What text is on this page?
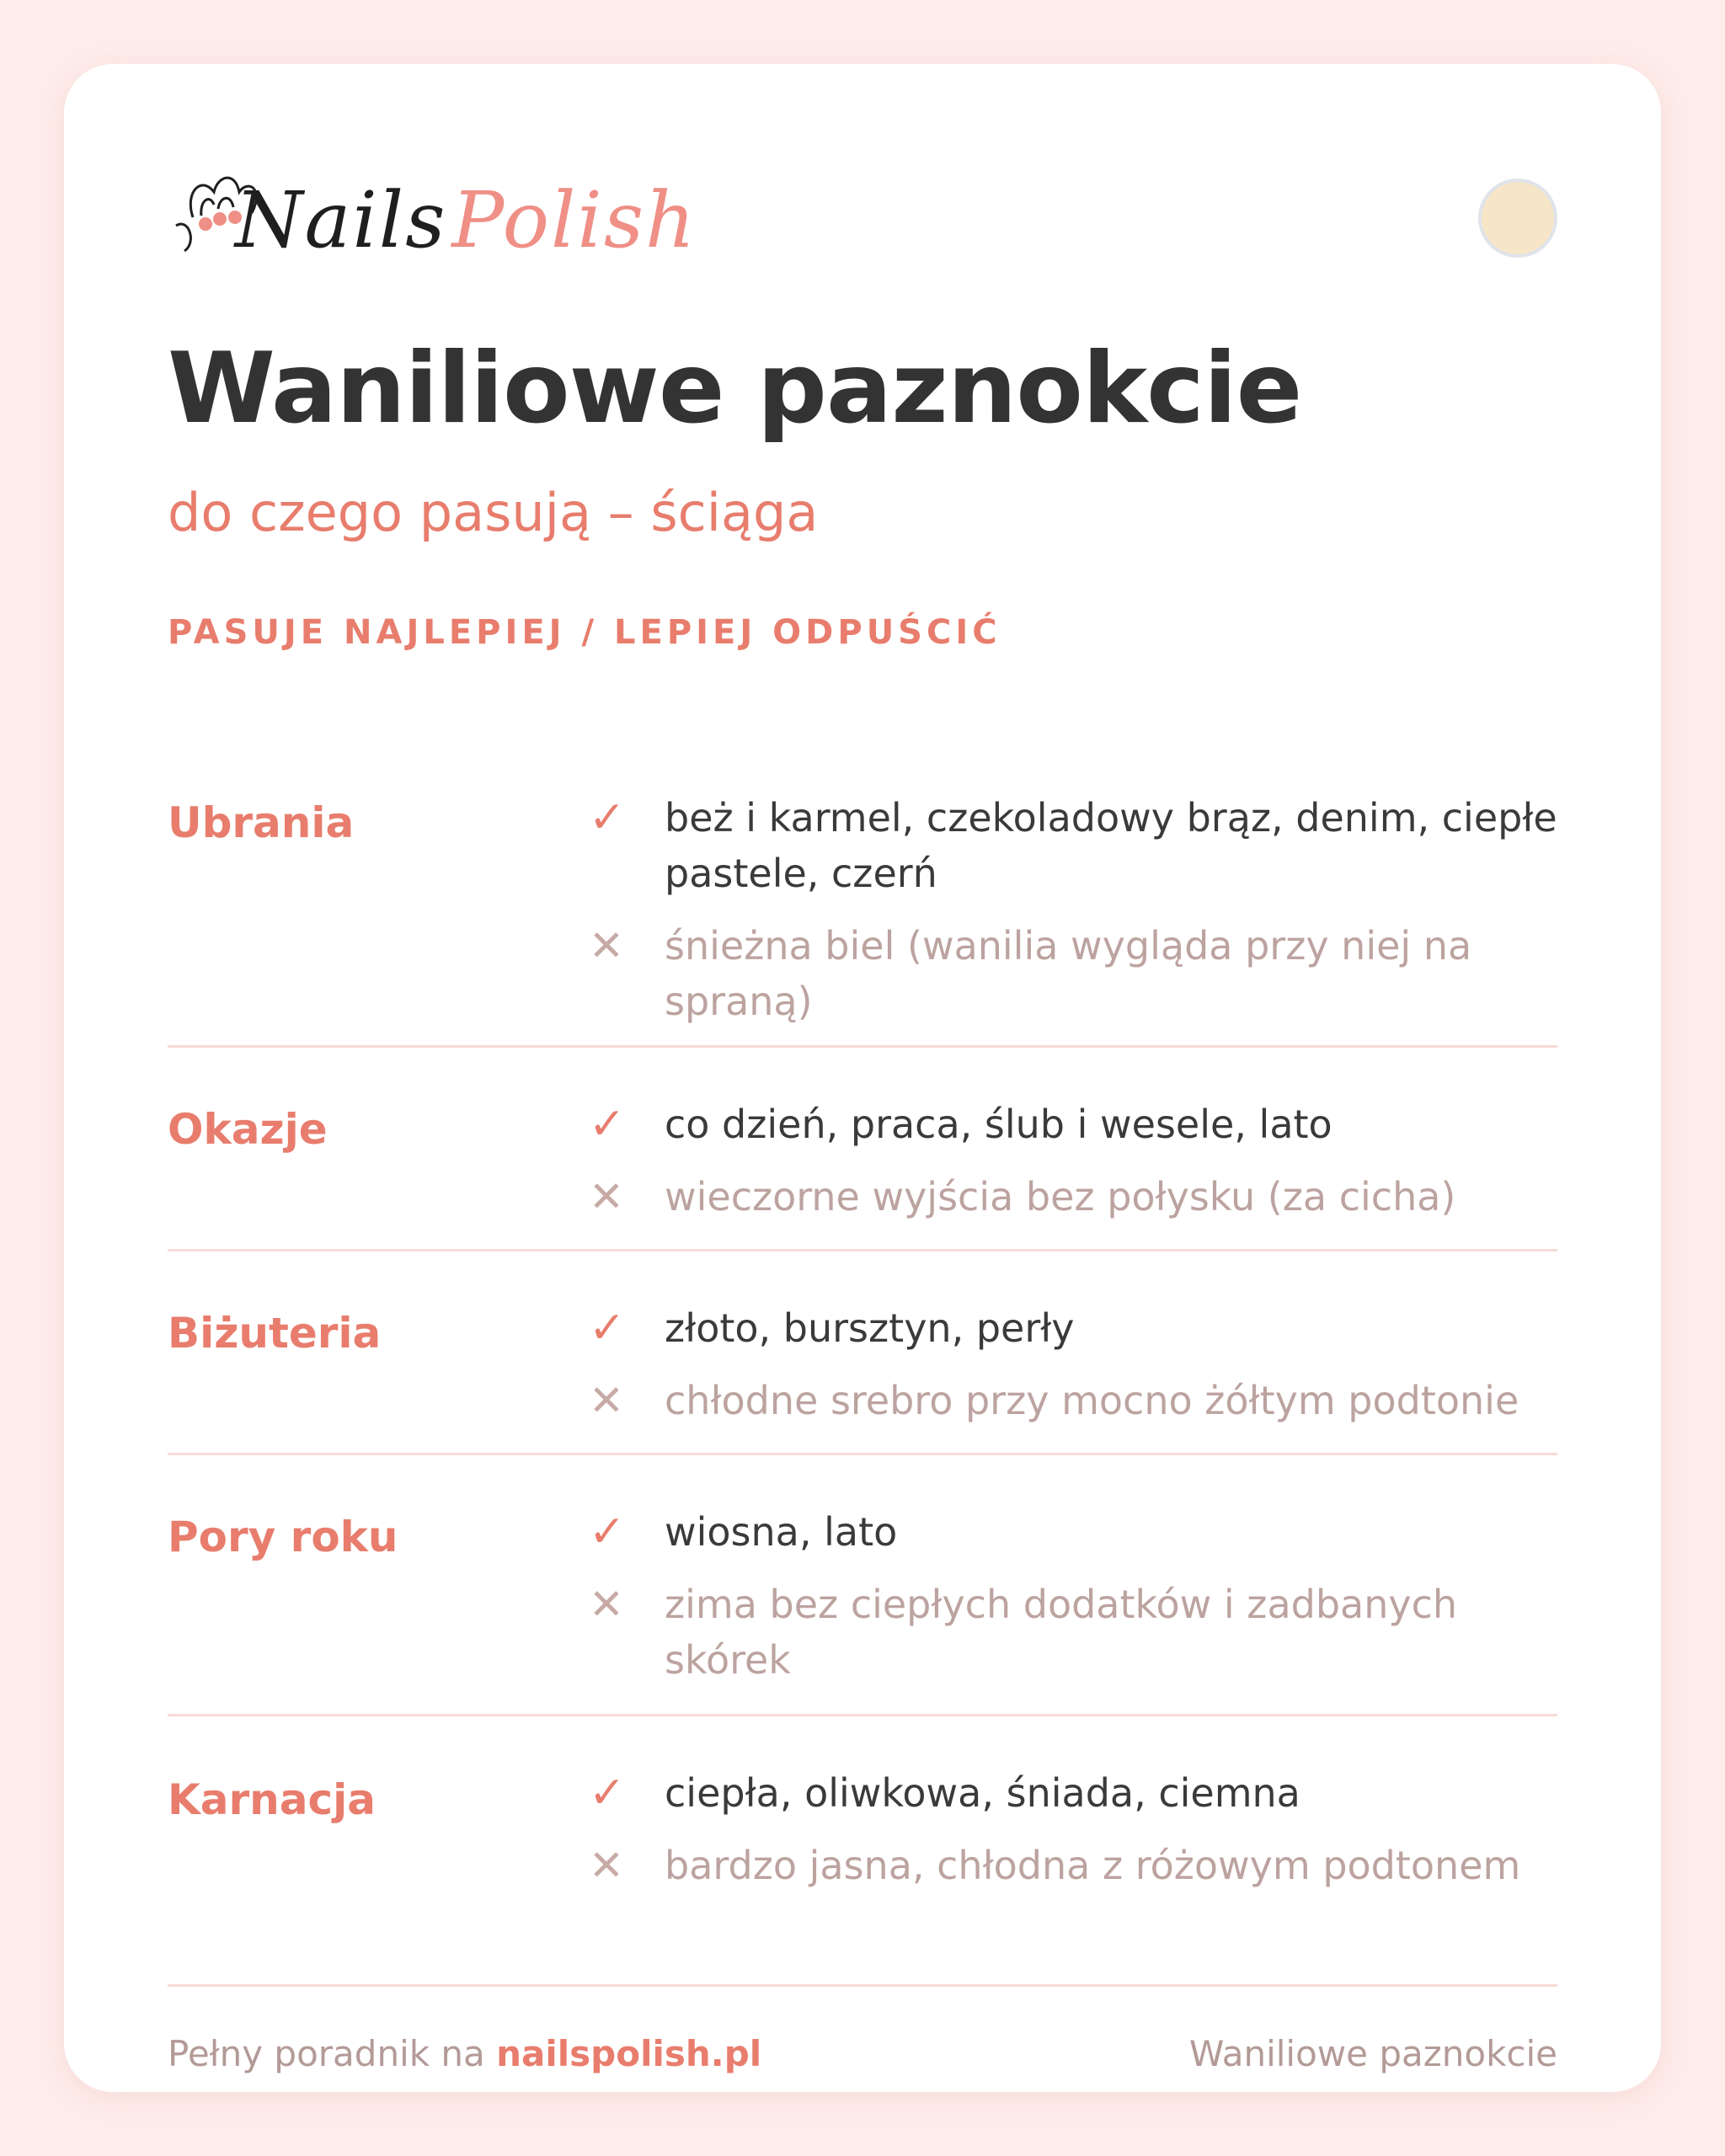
NailsPolish
Waniliowe paznokcie
do czego pasują – ściąga
PASUJE NAJLEPIEJ / LEPIEJ ODPUŚCIĆ
Ubrania	✓	beż i karmel, czekoladowy brąz, denim, ciepłe pastele, czerń
✕	śnieżna biel (wanilia wygląda przy niej na spraną)
Okazje	✓	co dzień, praca, ślub i wesele, lato
✕	wieczorne wyjścia bez połysku (za cicha)
Biżuteria	✓	złoto, bursztyn, perły
✕	chłodne srebro przy mocno żółtym podtonie
Pory roku	✓	wiosna, lato
✕	zima bez ciepłych dodatków i zadbanych skórek
Karnacja	✓	ciepła, oliwkowa, śniada, ciemna
✕	bardzo jasna, chłodna z różowym podtonem
Pełny poradnik na nailspolish.pl	Waniliowe paznokcie
